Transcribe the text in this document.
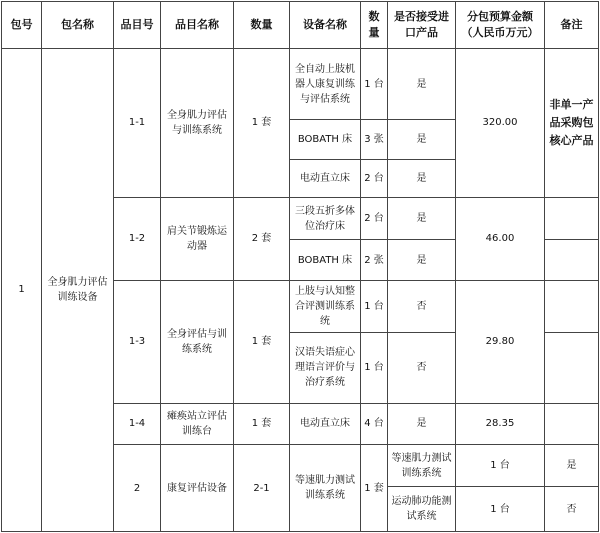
包号	包名称	品目号	品目名称	数量	设备名称	数量	是否接受进口产品	分包预算金额（人民币万元）	备注	
1	全身肌力评估训练设备	1-1	全身肌力评估与训练系统	1 套	全自动上肢机器人康复训练与评估系统	1 台	是	320.00	非单一产品采购包核心产品	
					BOBATH 床	3 张	是			
					电动直立床	2 台	是			
		1-2	肩关节锻炼运动器	2 套	三段五折多体位治疗床	2 台	是	46.00		
					BOBATH 床	2 张	是			
		1-3	全身评估与训练系统	1 套	上肢与认知整合评测训练系统	1 台	否	29.80		
					汉语失语症心理语言评价与治疗系统	1 台	否			
		1-4	瘫痪站立评估训练台	1 套	电动直立床	4 台	是	28.35		
		2	康复评估设备	2-1	等速肌力测试训练系统	1 套	等速肌力测试训练系统	1 台	是		
							运动肺功能测试系统	1 台	否	
